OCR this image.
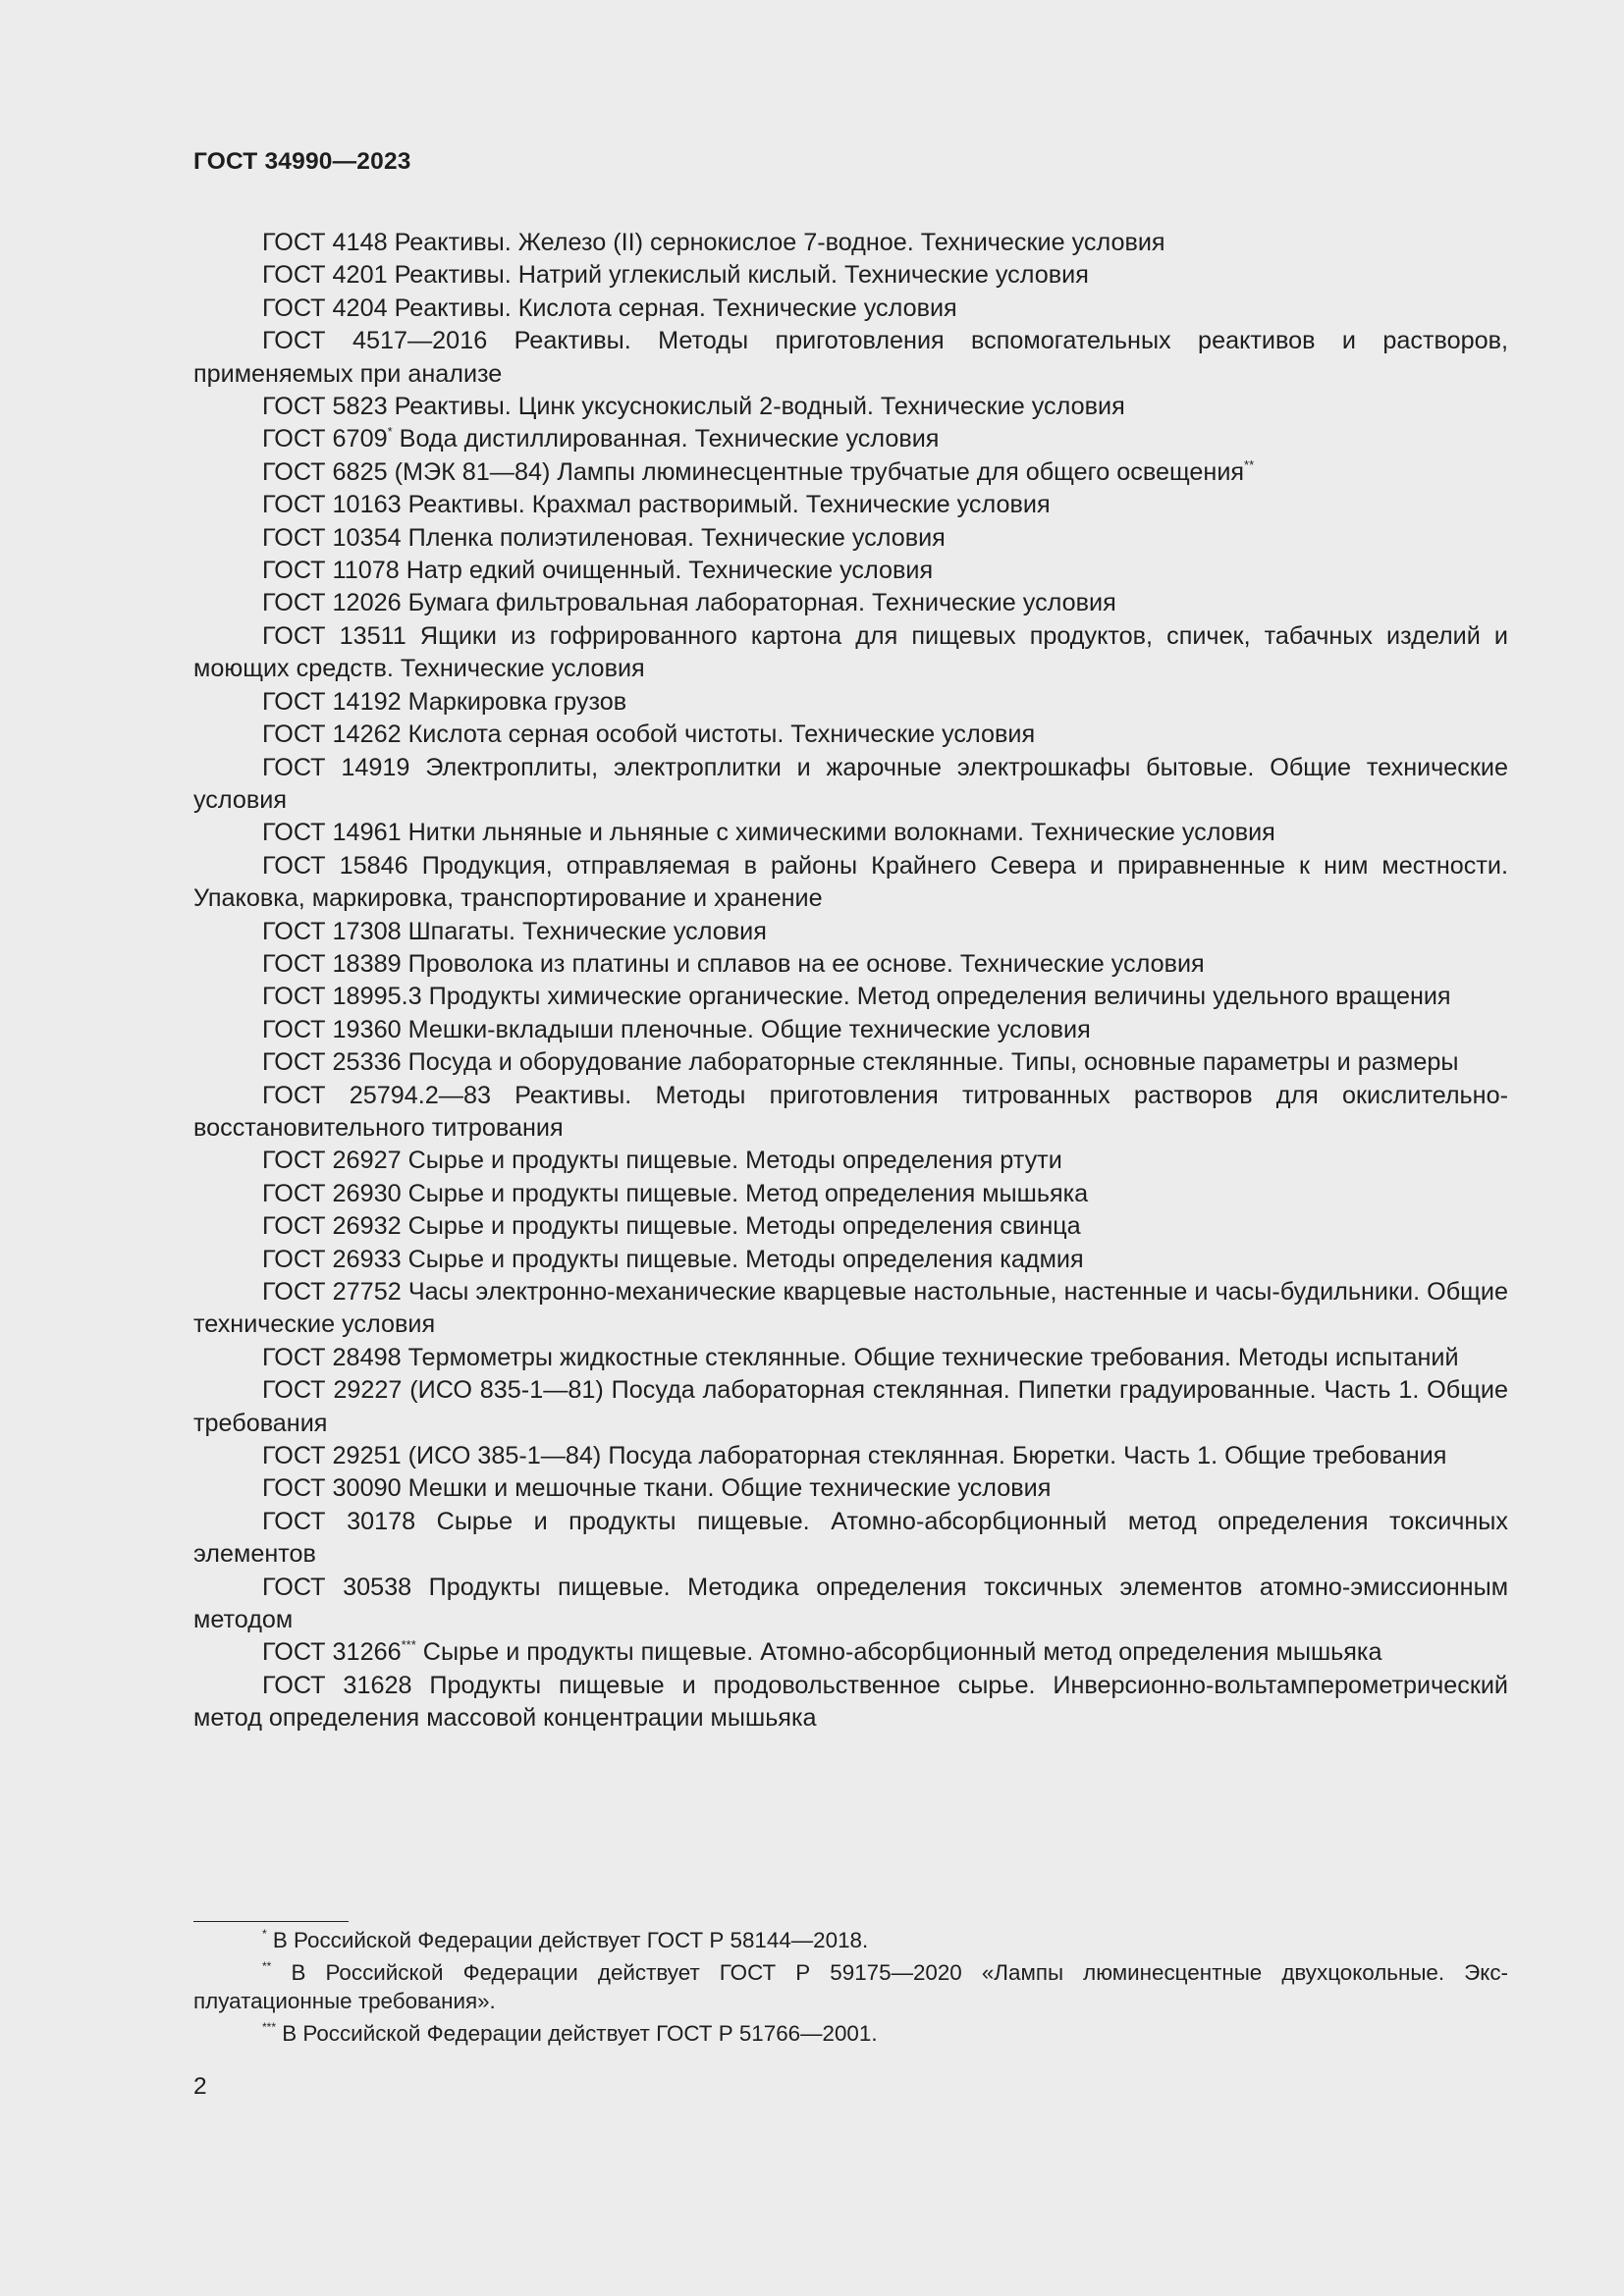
ГОСТ 34990—2023

ГОСТ 4148 Реактивы. Железо (II) сернокислое 7-водное. Технические условия

ГОСТ 4201 Реактивы. Натрий углекислый кислый. Технические условия

ГОСТ 4204 Реактивы. Кислота серная. Технические условия

ГОСТ 4517—2016 Реактивы. Методы приготовления вспомогательных реактивов и растворов, применяемых при анализе

ГОСТ 5823 Реактивы. Цинк уксуснокислый 2-водный. Технические условия

ГОСТ 6709* Вода дистиллированная. Технические условия

ГОСТ 6825 (МЭК 81—84) Лампы люминесцентные трубчатые для общего освещения**

ГОСТ 10163 Реактивы. Крахмал растворимый. Технические условия

ГОСТ 10354 Пленка полиэтиленовая. Технические условия

ГОСТ 11078 Натр едкий очищенный. Технические условия

ГОСТ 12026 Бумага фильтровальная лабораторная. Технические условия

ГОСТ 13511 Ящики из гофрированного картона для пищевых продуктов, спичек, табачных изделий и моющих средств. Технические условия

ГОСТ 14192 Маркировка грузов

ГОСТ 14262 Кислота серная особой чистоты. Технические условия

ГОСТ 14919 Электроплиты, электроплитки и жарочные электрошкафы бытовые. Общие технические условия

ГОСТ 14961 Нитки льняные и льняные с химическими волокнами. Технические условия

ГОСТ 15846 Продукция, отправляемая в районы Крайнего Севера и приравненные к ним местности. Упаковка, маркировка, транспортирование и хранение

ГОСТ 17308 Шпагаты. Технические условия

ГОСТ 18389 Проволока из платины и сплавов на ее основе. Технические условия

ГОСТ 18995.3 Продукты химические органические. Метод определения величины удельного вращения

ГОСТ 19360 Мешки-вкладыши пленочные. Общие технические условия

ГОСТ 25336 Посуда и оборудование лабораторные стеклянные. Типы, основные параметры и размеры

ГОСТ 25794.2—83 Реактивы. Методы приготовления титрованных растворов для окислительно-восстановительного титрования

ГОСТ 26927 Сырье и продукты пищевые. Методы определения ртути

ГОСТ 26930 Сырье и продукты пищевые. Метод определения мышьяка

ГОСТ 26932 Сырье и продукты пищевые. Методы определения свинца

ГОСТ 26933 Сырье и продукты пищевые. Методы определения кадмия

ГОСТ 27752 Часы электронно-механические кварцевые настольные, настенные и часы-будильники. Общие технические условия

ГОСТ 28498 Термометры жидкостные стеклянные. Общие технические требования. Методы испытаний

ГОСТ 29227 (ИСО 835-1—81) Посуда лабораторная стеклянная. Пипетки градуированные. Часть 1. Общие требования

ГОСТ 29251 (ИСО 385-1—84) Посуда лабораторная стеклянная. Бюретки. Часть 1. Общие требования

ГОСТ 30090 Мешки и мешочные ткани. Общие технические условия

ГОСТ 30178 Сырье и продукты пищевые. Атомно-абсорбционный метод определения токсичных элементов

ГОСТ 30538 Продукты пищевые. Методика определения токсичных элементов атомно-эмиссионным методом

ГОСТ 31266*** Сырье и продукты пищевые. Атомно-абсорбционный метод определения мышьяка

ГОСТ 31628 Продукты пищевые и продовольственное сырье. Инверсионно-вольтамперометрический метод определения массовой концентрации мышьяка

* В Российской Федерации действует ГОСТ Р 58144—2018.

** В Российской Федерации действует ГОСТ Р 59175—2020 «Лампы люминесцентные двухцокольные. Эксплуатационные требования».

*** В Российской Федерации действует ГОСТ Р 51766—2001.

2
